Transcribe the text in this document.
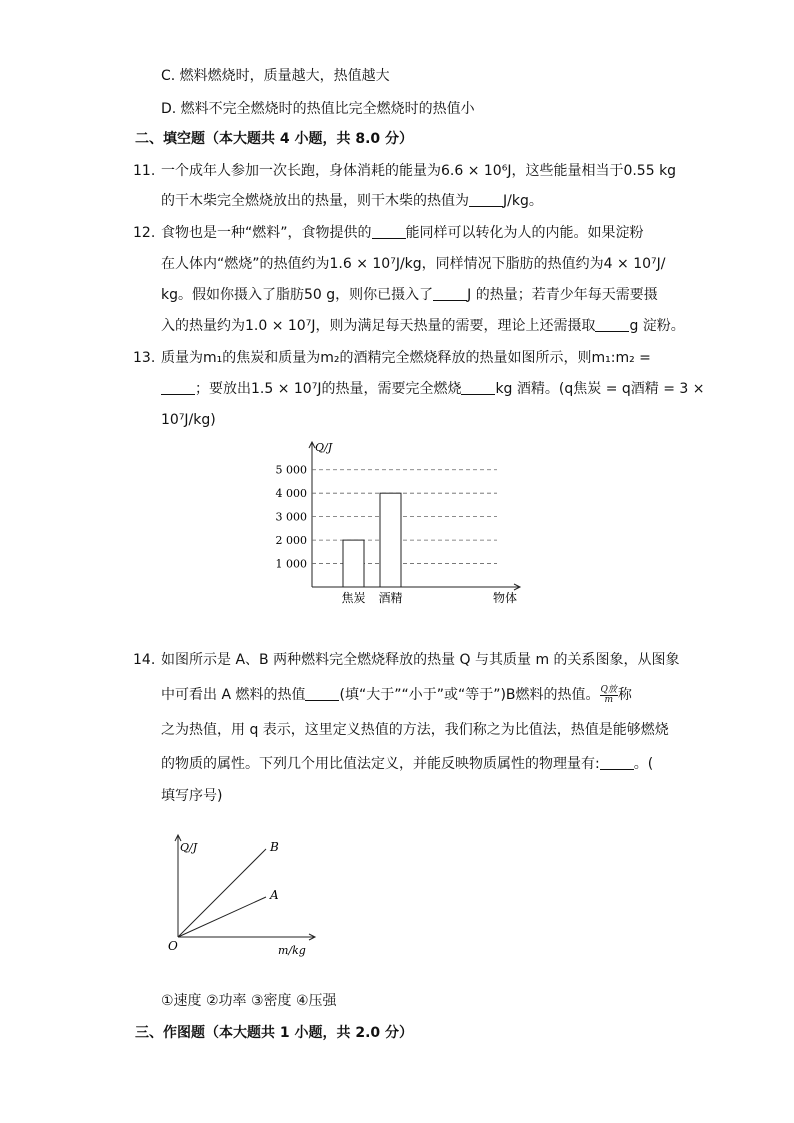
C. 燃料燃烧时，质量越大，热值越大
D. 燃料不完全燃烧时的热值比完全燃烧时的热值小
二、填空题（本大题共 4 小题，共 8.0 分）
11. 一个成年人参加一次长跑，身体消耗的能量为6.6 × 10⁶J，这些能量相当于0.55 kg
的干木柴完全燃烧放出的热量，则干木柴的热值为 J/kg。
12. 食物也是一种“燃料”，食物提供的 能同样可以转化为人的内能。如果淀粉
在人体内“燃烧”的热值约为1.6 × 10⁷J/kg，同样情况下脂肪的热值约为4 × 10⁷J/
kg。假如你摄入了脂肪50 g，则你已摄入了 J 的热量；若青少年每天需要摄
入的热量约为1.0 × 10⁷J，则为满足每天热量的需要，理论上还需摄取 g 淀粉。
13. 质量为m₁的焦炭和质量为m₂的酒精完全燃烧释放的热量如图所示，则m₁:m₂ =
；要放出1.5 × 10⁷J的热量，需要完全燃烧 kg 酒精。(q焦炭 = q酒精 = 3 ×
10⁷J/kg)
Q/J
1 000
2 000
3 000
4 000
5 000
焦炭 酒精	物体
14. 如图所示是 A、B 两种燃料完全燃烧释放的热量 Q 与其质量 m 的关系图象，从图象
中可看出 A 燃料的热值 (填“大于”“小于”或“等于”)B燃料的热值。 $\frac{\text{Q放}}{m}$ 称
之为热值，用 q 表示，这里定义热值的方法，我们称之为比值法，热值是能够燃烧
的物质的属性。下列几个用比值法定义，并能反映物质属性的物理量有: 。(
填写序号)
Q/J
m/kg
O
B
A
①速度 ②功率 ③密度 ④压强
三、作图题（本大题共 1 小题，共 2.0 分）
